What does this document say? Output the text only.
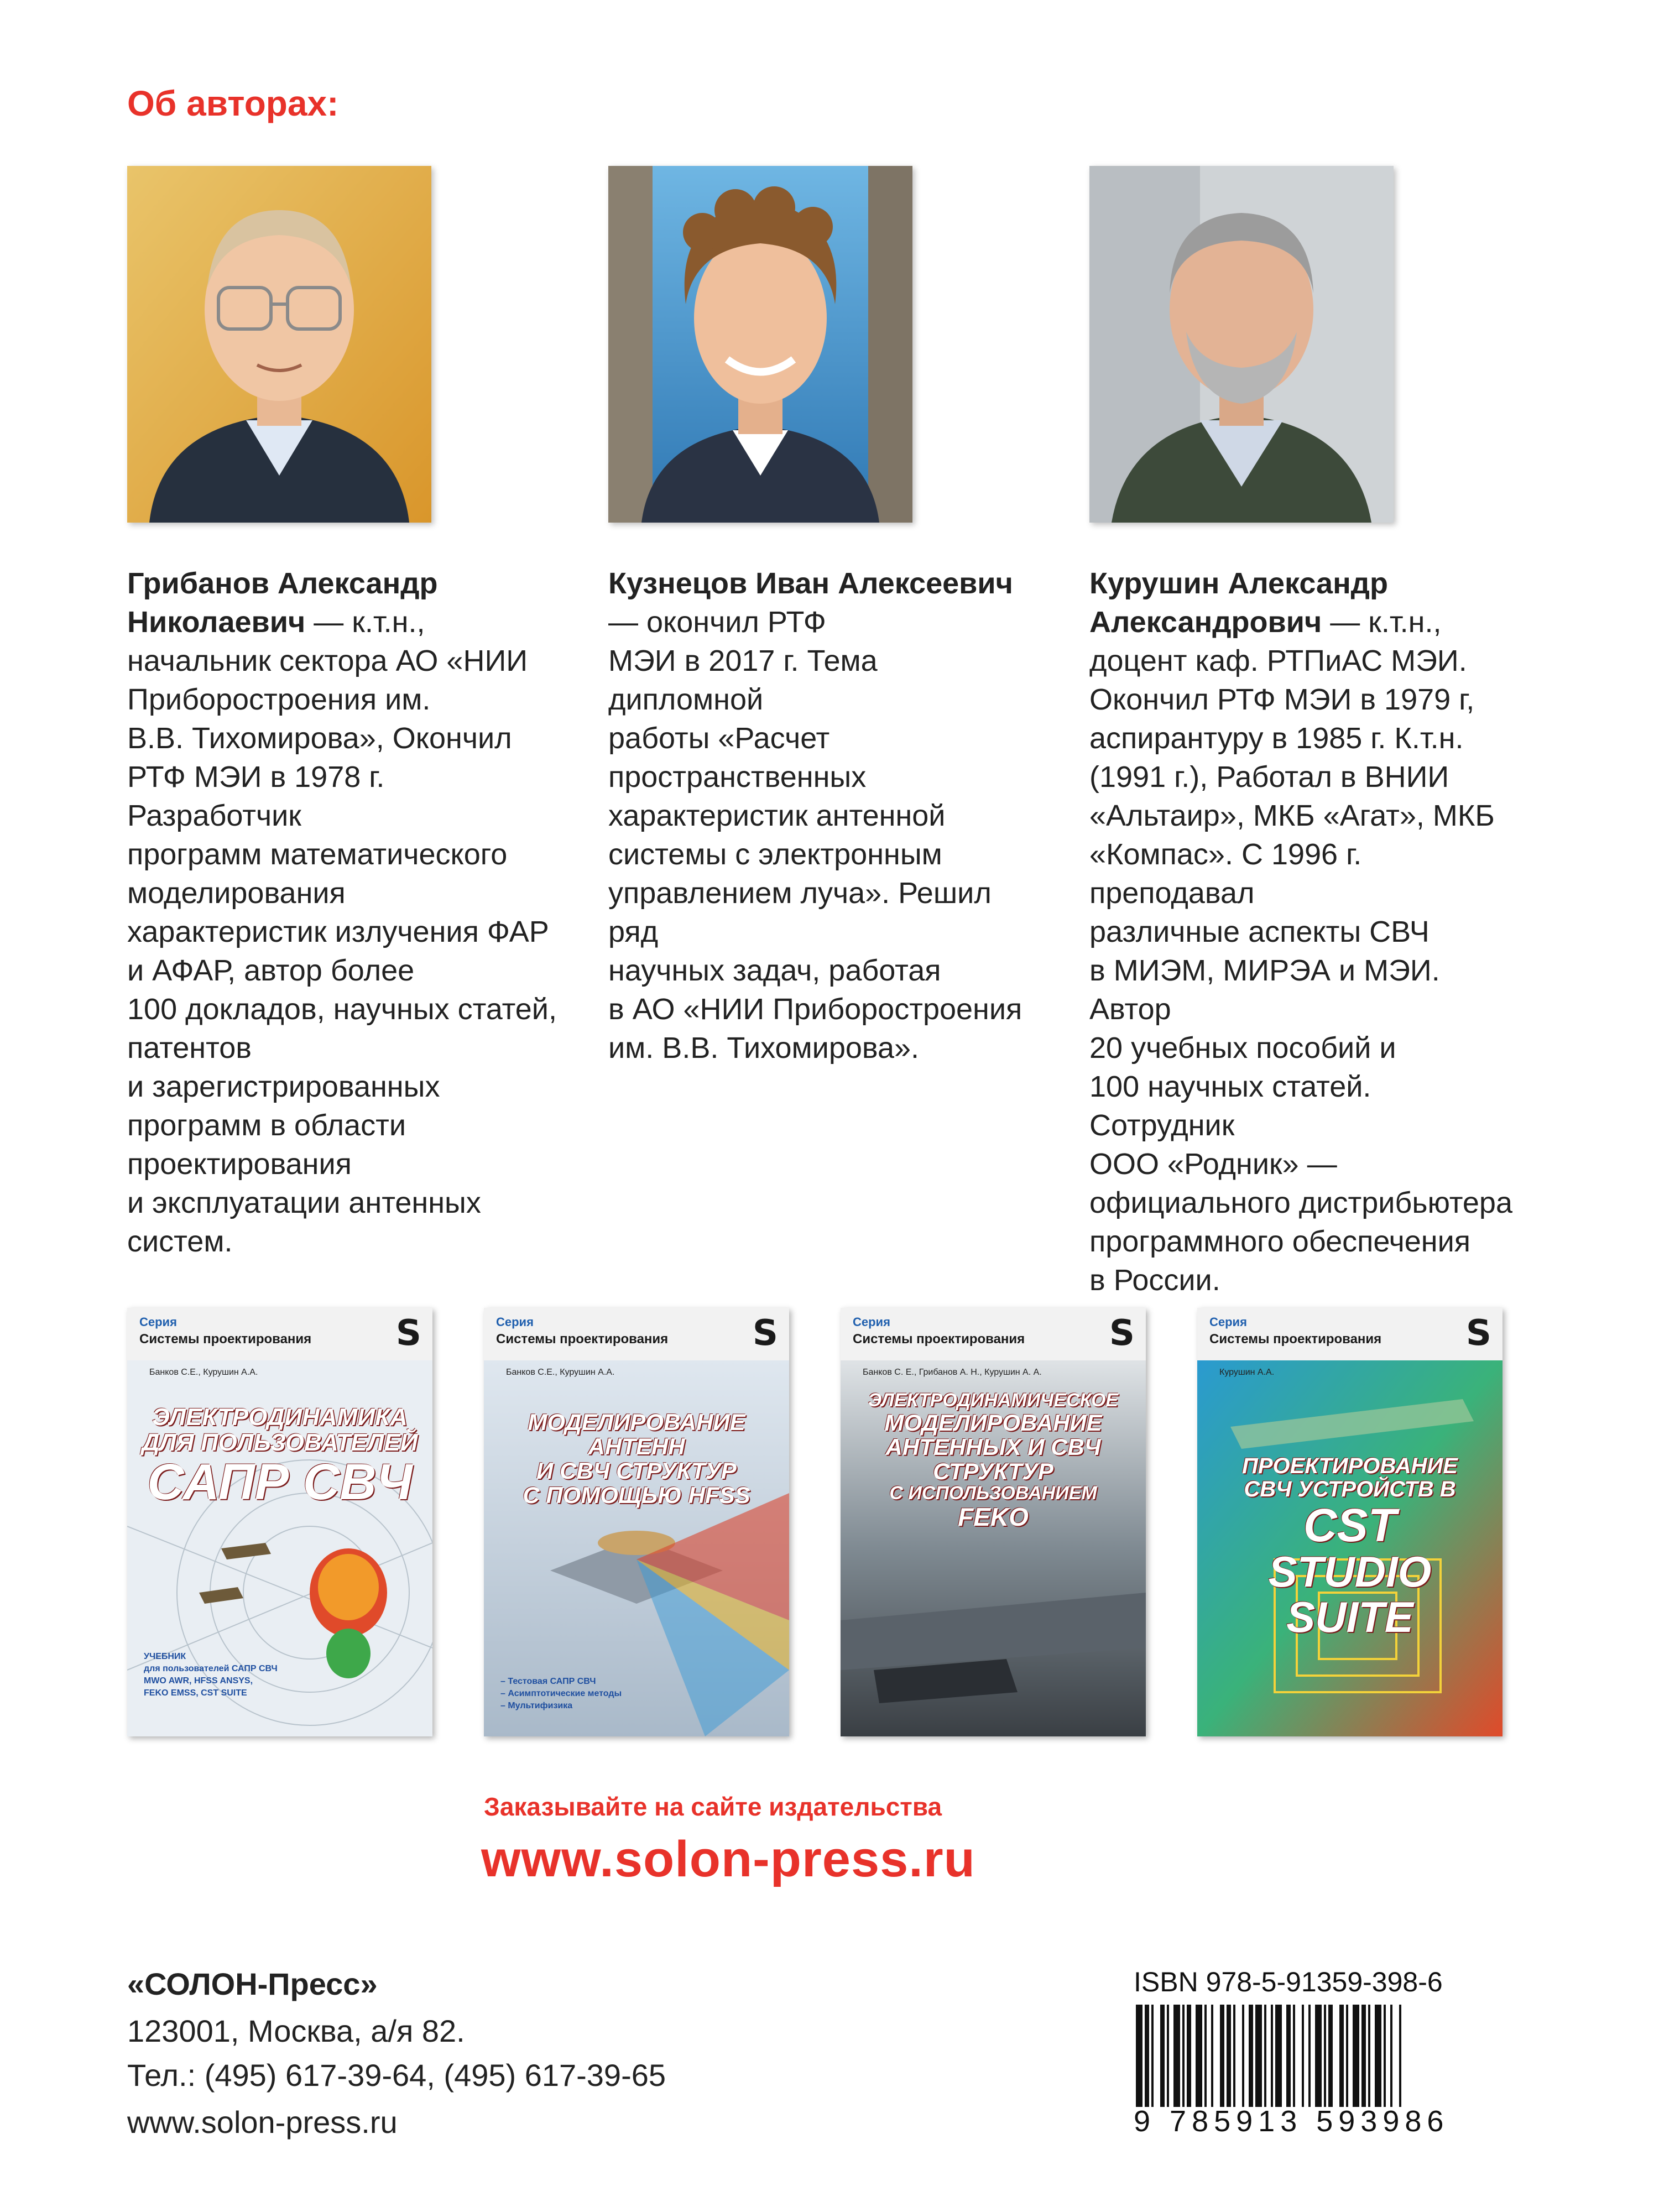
Об авторах:
Грибанов Александр Николаевич — к.т.н.,
начальник сектора АО «НИИ
Приборостроения им.
В.В. Тихомирова», Окончил
РТФ МЭИ в 1978 г. Разработчик
программ математического
моделирования
характеристик излучения ФАР
и АФАР, автор более
100 докладов, научных статей,
патентов
и зарегистрированных
программ в области
проектирования
и эксплуатации антенных
систем.
Кузнецов Иван Алексеевич — окончил РТФ
МЭИ в 2017 г. Тема дипломной
работы «Расчет
пространственных
характеристик антенной
системы с электронным
управлением луча». Решил ряд
научных задач, работая
в АО «НИИ Приборостроения
им. В.В. Тихомирова».
Курушин Александр Александрович — к.т.н.,
доцент каф. РТПиАС МЭИ.
Окончил РТФ МЭИ в 1979 г,
аспирантуру в 1985 г. К.т.н.
(1991 г.), Работал в ВНИИ
«Альтаир», МКБ «Агат», МКБ
«Компас». С 1996 г. преподавал
различные аспекты СВЧ
в МИЭМ, МИРЭА и МЭИ. Автор
20 учебных пособий и
100 научных статей. Сотрудник
ООО «Родник» —
официального дистрибьютера
программного обеспечения
в России.
Серия
Системы проектирования S
Банков С.Е., Курушин А.А.
ЭЛЕКТРОДИНАМИКА
ДЛЯ ПОЛЬЗОВАТЕЛЕЙ
САПР СВЧ
УЧЕБНИК
для пользователей САПР СВЧ
MWO AWR, HFSS ANSYS,
FEKO EMSS, CST SUITE
Серия
Системы проектирования S
Банков С.Е., Курушин А.А.
МОДЕЛИРОВАНИЕ
АНТЕНН
И СВЧ СТРУКТУР
С ПОМОЩЬЮ HFSS
– Тестовая САПР СВЧ
– Асимптотические методы
– Мультифизика
Серия
Системы проектирования S
Банков С. Е., Грибанов А. Н., Курушин А. А.
ЭЛЕКТРОДИНАМИЧЕСКОЕ
МОДЕЛИРОВАНИЕ
АНТЕННЫХ И СВЧ
СТРУКТУР
С ИСПОЛЬЗОВАНИЕМ
FEKO
Серия
Системы проектирования S
Курушин А.А.
ПРОЕКТИРОВАНИЕ
СВЧ УСТРОЙСТВ В
CST
STUDIO
SUITE
Заказывайте на сайте издательства
www.solon-press.ru
«СОЛОН-Пресс»
123001, Москва, а/я 82.
Тел.: (495) 617-39-64, (495) 617-39-65
www.solon-press.ru
ISBN 978-5-91359-398-6
9 785913 593986
